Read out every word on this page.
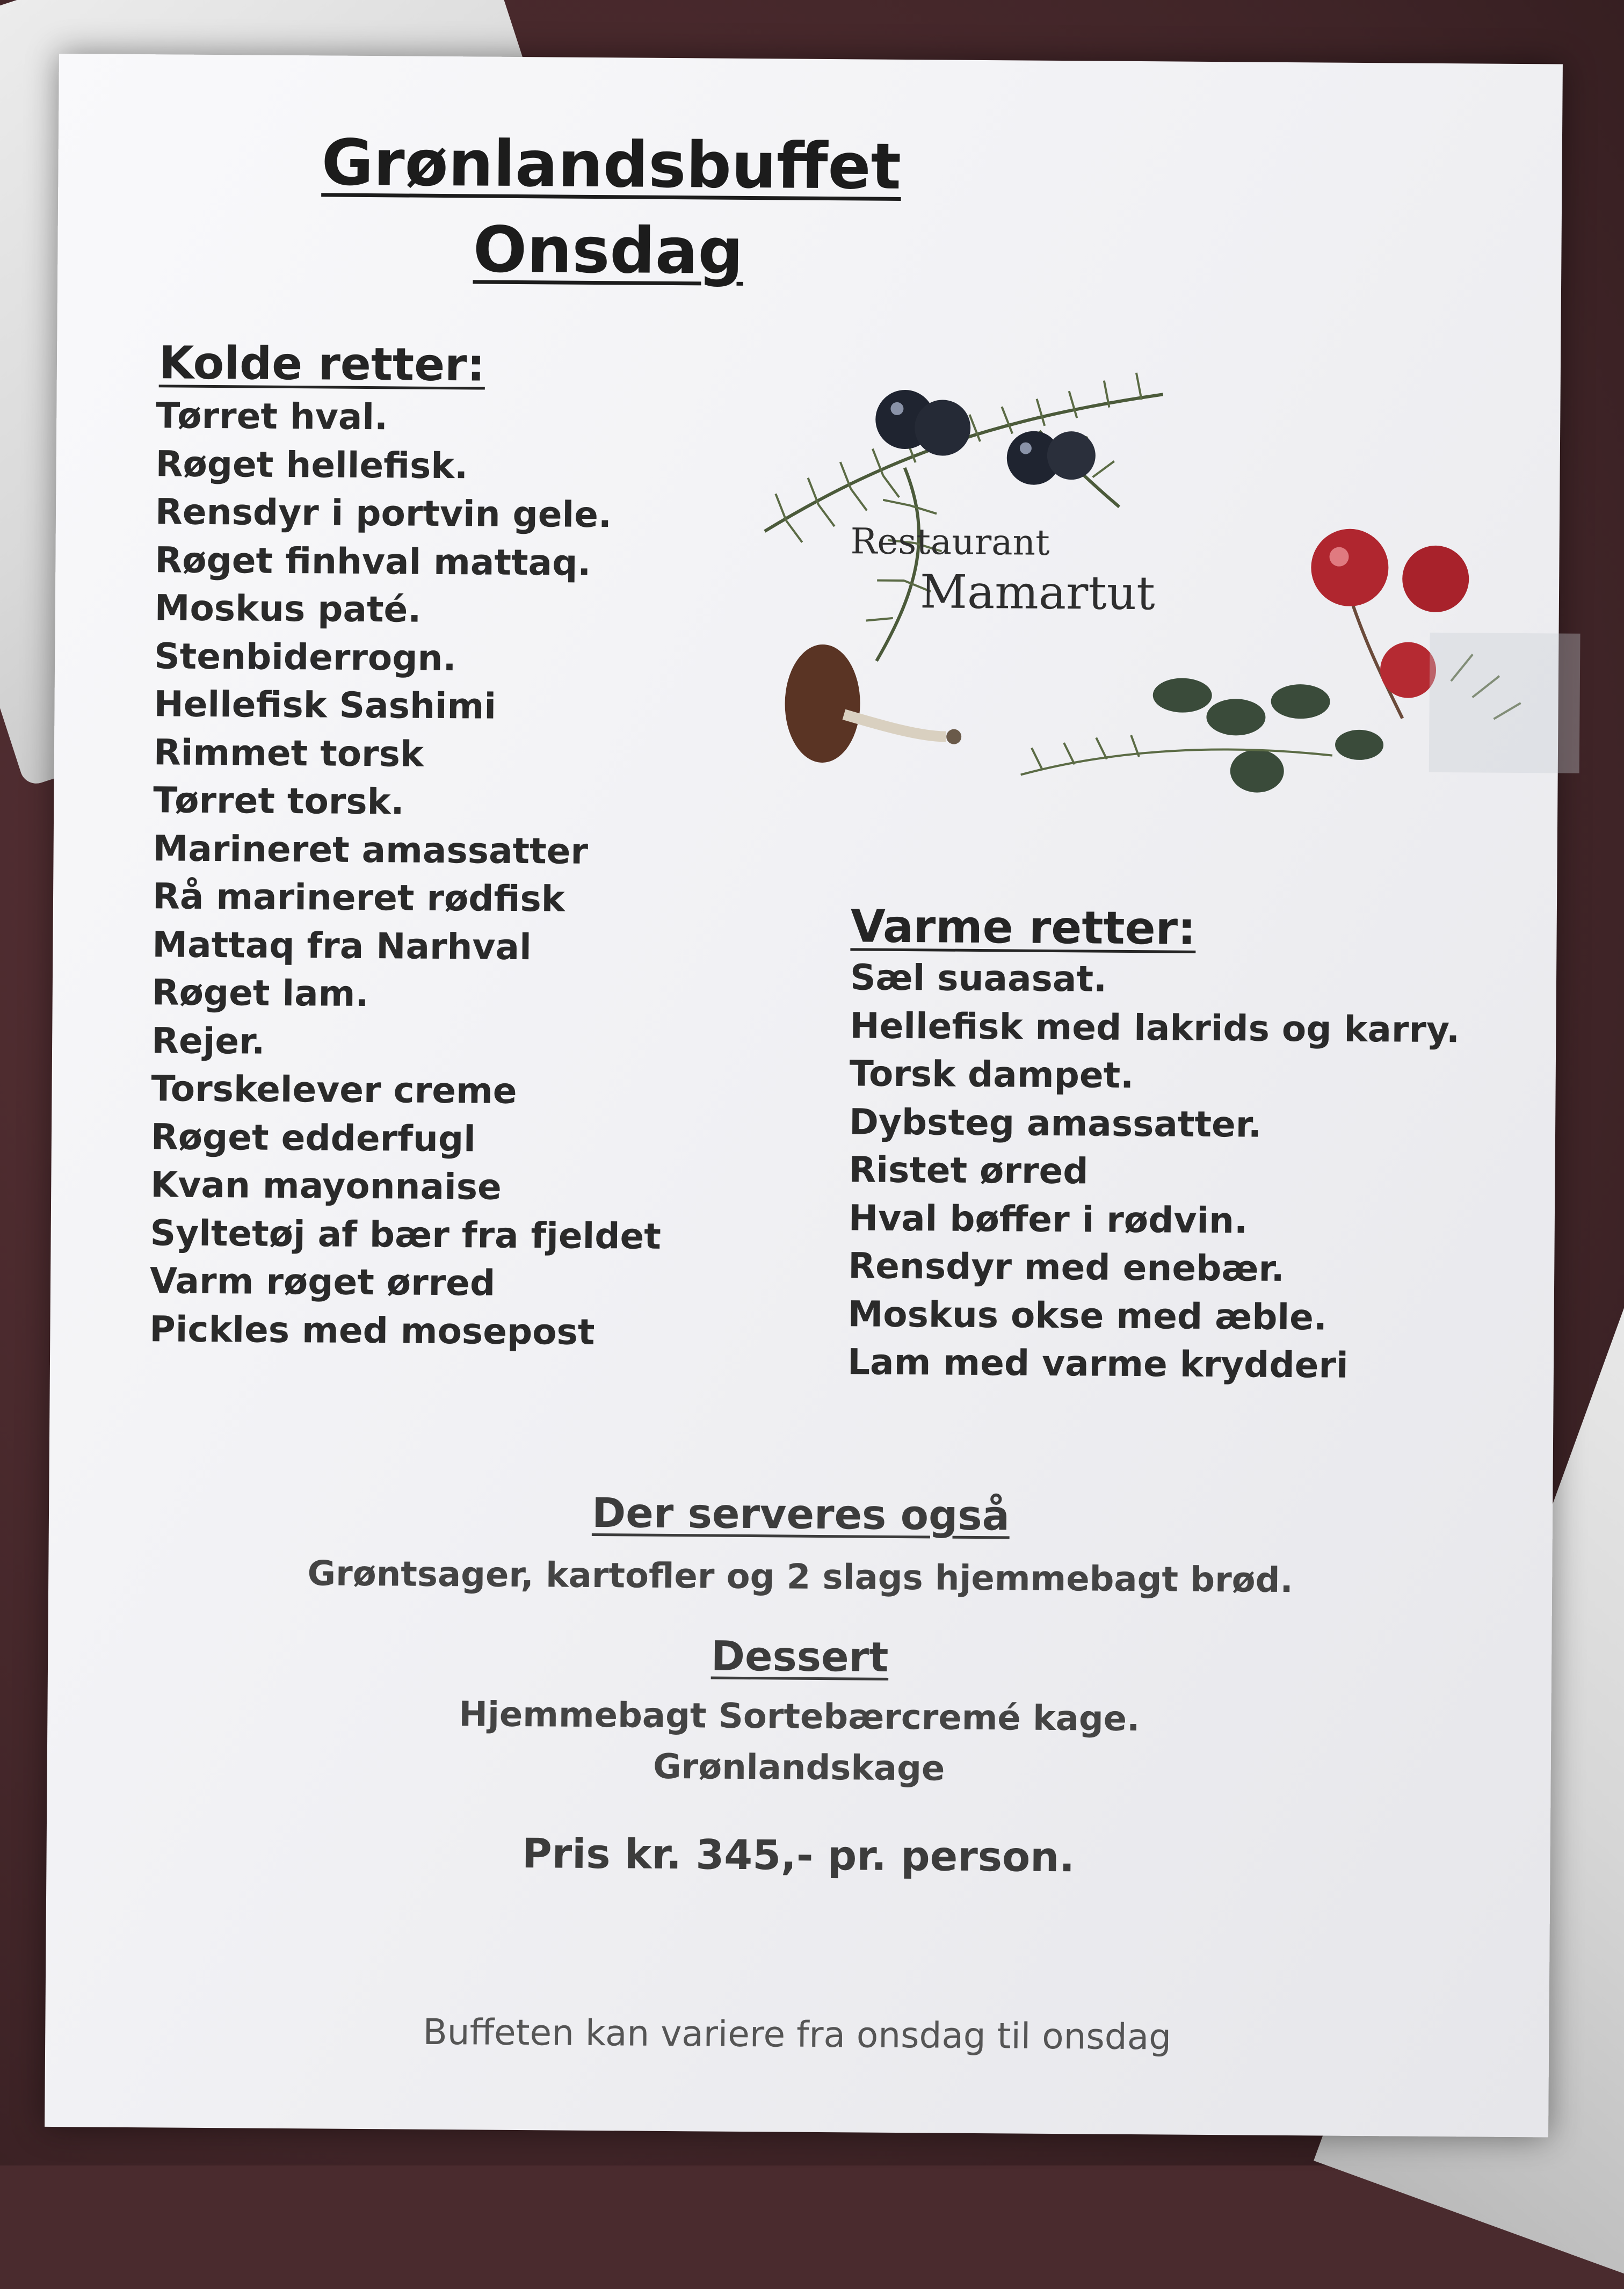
Grønlandsbuffet
Onsdag
Restaurant
Mamartut
Kolde retter:
Tørret hval.
Røget hellefisk.
Rensdyr i portvin gele.
Røget finhval mattaq.
Moskus paté.
Stenbiderrogn.
Hellefisk Sashimi
Rimmet torsk
Tørret torsk.
Marineret amassatter
Rå marineret rødfisk
Mattaq fra Narhval
Røget lam.
Rejer.
Torskelever creme
Røget edderfugl
Kvan mayonnaise
Syltetøj af bær fra fjeldet
Varm røget ørred
Pickles med mosepost
Varme retter:
Sæl suaasat.
Hellefisk med lakrids og karry.
Torsk dampet.
Dybsteg amassatter.
Ristet ørred
Hval bøffer i rødvin.
Rensdyr med enebær.
Moskus okse med æble.
Lam med varme krydderi
Der serveres også
Grøntsager, kartofler og 2 slags hjemmebagt brød.
Dessert
Hjemmebagt Sortebærcremé kage.
Grønlandskage
Pris kr. 345,- pr. person.
Buffeten kan variere fra onsdag til onsdag
